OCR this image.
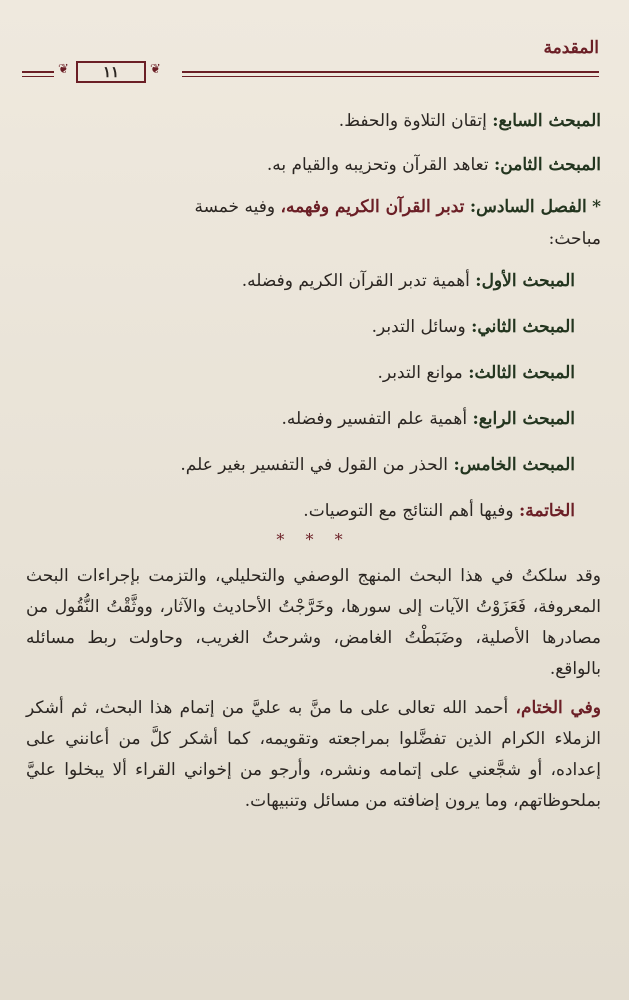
المقدمة
❦	١١	❦

المبحث السابع: إتقان التلاوة والحفظ.

المبحث الثامن: تعاهد القرآن وتحزيبه والقيام به.

* الفصل السادس: تدبر القرآن الكريم وفهمه، وفيه خمسة

مباحث:

المبحث الأول: أهمية تدبر القرآن الكريم وفضله.

المبحث الثاني: وسائل التدبر.

المبحث الثالث: موانع التدبر.

المبحث الرابع: أهمية علم التفسير وفضله.

المبحث الخامس: الحذر من القول في التفسير بغير علم.

الخاتمة: وفيها أهم النتائج مع التوصيات.

* * *

وقد سلكتُ في هذا البحث المنهج الوصفي والتحليلي، والتزمت بإجراءات البحث المعروفة، فَعَزَوْتُ الآيات إلى سورها، وخَرَّجْتُ الأحاديث والآثار، ووثَّقْتُ النُّقُول من مصادرها الأصلية، وضَبَطْتُ الغامض، وشرحتُ الغريب، وحاولت ربط مسائله بالواقع.

وفي الختام، أحمد الله تعالى على ما منَّ به عليَّ من إتمام هذا البحث، ثم أشكر الزملاء الكرام الذين تفضَّلوا بمراجعته وتقويمه، كما أشكر كلَّ من أعانني على إعداده، أو شجَّعني على إتمامه ونشره، وأرجو من إخواني القراء ألا يبخلوا عليَّ بملحوظاتهم، وما يرون إضافته من مسائل وتنبيهات.
